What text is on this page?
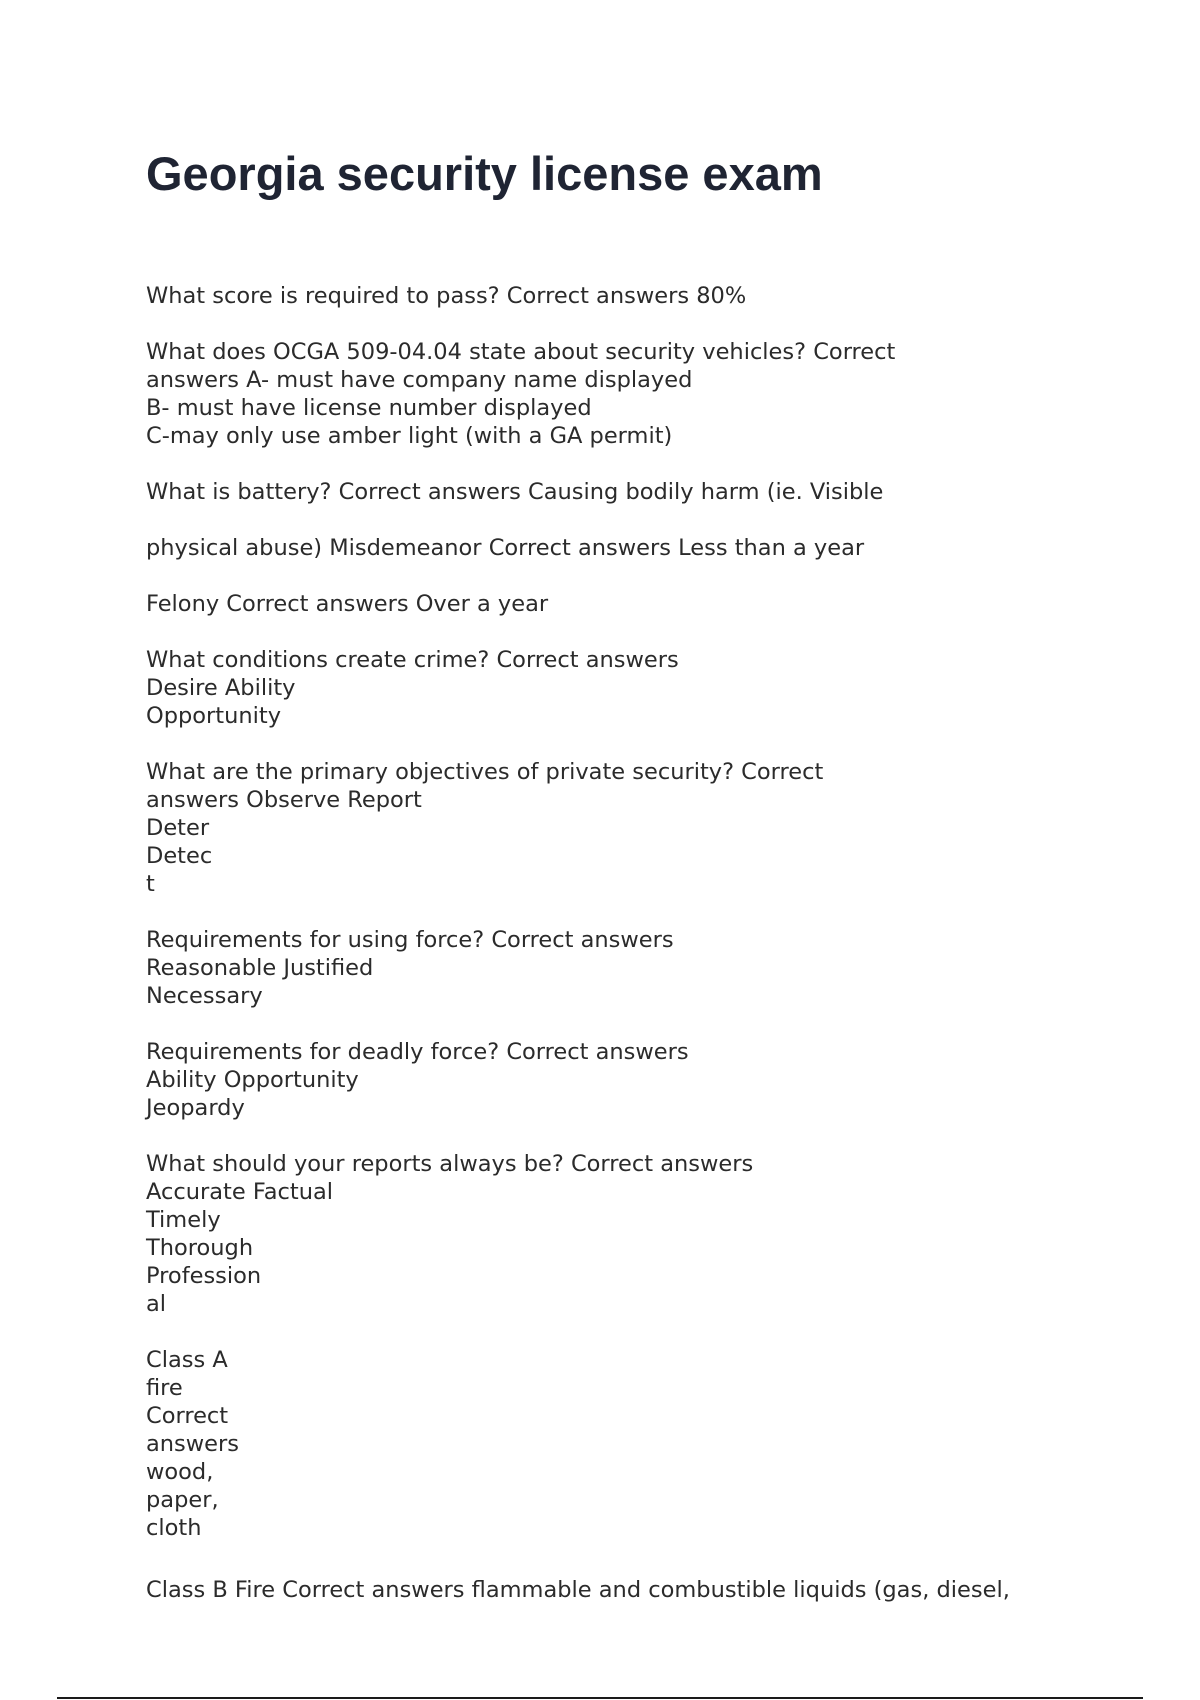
Georgia security license exam
What score is required to pass? Correct answers 80%
What does OCGA 509-04.04 state about security vehicles? Correct
answers A- must have company name displayed
B- must have license number displayed
C-may only use amber light (with a GA permit)
What is battery? Correct answers Causing bodily harm (ie. Visible
physical abuse) Misdemeanor Correct answers Less than a year
Felony Correct answers Over a year
What conditions create crime? Correct answers
Desire Ability
Opportunity
What are the primary objectives of private security? Correct
answers Observe Report
Deter
Detec
t
Requirements for using force? Correct answers
Reasonable Justified
Necessary
Requirements for deadly force? Correct answers
Ability Opportunity
Jeopardy
What should your reports always be? Correct answers
Accurate Factual
Timely
Thorough
Profession
al
Class A
fire
Correct
answers
wood,
paper,
cloth
Class B Fire Correct answers flammable and combustible liquids (gas, diesel,
